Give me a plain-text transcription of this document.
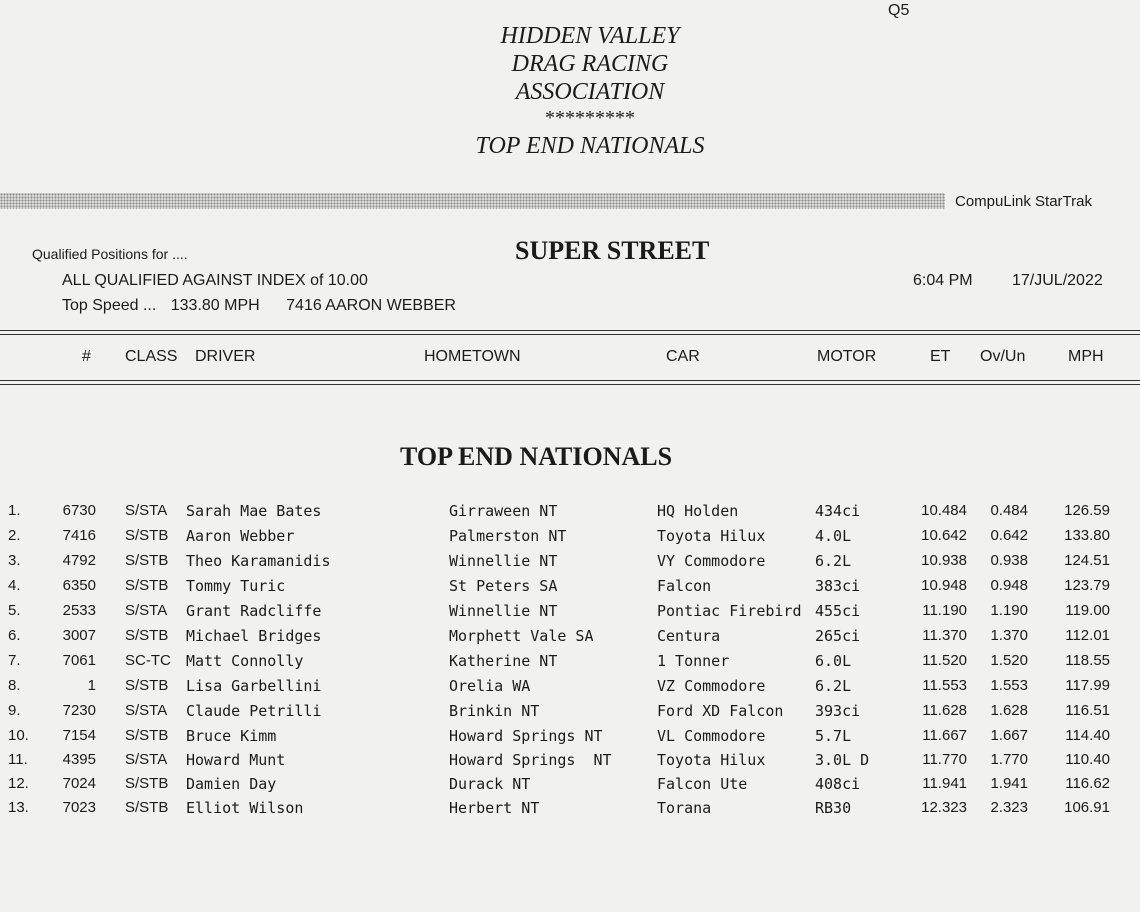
Q5
HIDDEN VALLEY
DRAG RACING
ASSOCIATION
*********
TOP END NATIONALS
CompuLink StarTrak
Qualified Positions for ....	SUPER STREET
ALL QUALIFIED AGAINST INDEX of 10.00
Top Speed ... 133.80 MPH 7416 AARON WEBBER
6:04 PM 17/JUL/2022
# CLASS DRIVER	HOMETOWN	CAR	MOTOR	ET Ov/Un	MPH
TOP END NATIONALS
1.	6730 S/STA Sarah Mae Bates	Girraween NT	HQ Holden	434ci	10.484	0.484	126.59
2.	7416 S/STB Aaron Webber	Palmerston NT	Toyota Hilux	4.0L	10.642	0.642	133.80
3.	4792 S/STB Theo Karamanidis	Winnellie NT	VY Commodore	6.2L	10.938	0.938	124.51
4.	6350 S/STB Tommy Turic	St Peters SA	Falcon	383ci	10.948	0.948	123.79
5.	2533 S/STA Grant Radcliffe	Winnellie NT	Pontiac Firebird 455ci	11.190	1.190	119.00
6.	3007 S/STB Michael Bridges	Morphett Vale SA	Centura	265ci	11.370	1.370	112.01
7.	7061 SC-TC Matt Connolly	Katherine NT	1 Tonner	6.0L	11.520	1.520	118.55
8.	1 S/STB Lisa Garbellini	Orelia WA	VZ Commodore	6.2L	11.553	1.553	117.99
9.	7230 S/STA Claude Petrilli	Brinkin NT	Ford XD Falcon 393ci	11.628	1.628	116.51
10.	7154 S/STB Bruce Kimm	Howard Springs NT	VL Commodore	5.7L	11.667	1.667	114.40
11.	4395 S/STA Howard Munt	Howard Springs  NT	Toyota Hilux	3.0L D	11.770	1.770	110.40
12.	7024 S/STB Damien Day	Durack NT	Falcon Ute	408ci	11.941	1.941	116.62
13.	7023 S/STB Elliot Wilson	Herbert NT	Torana	RB30	12.323	2.323	106.91
